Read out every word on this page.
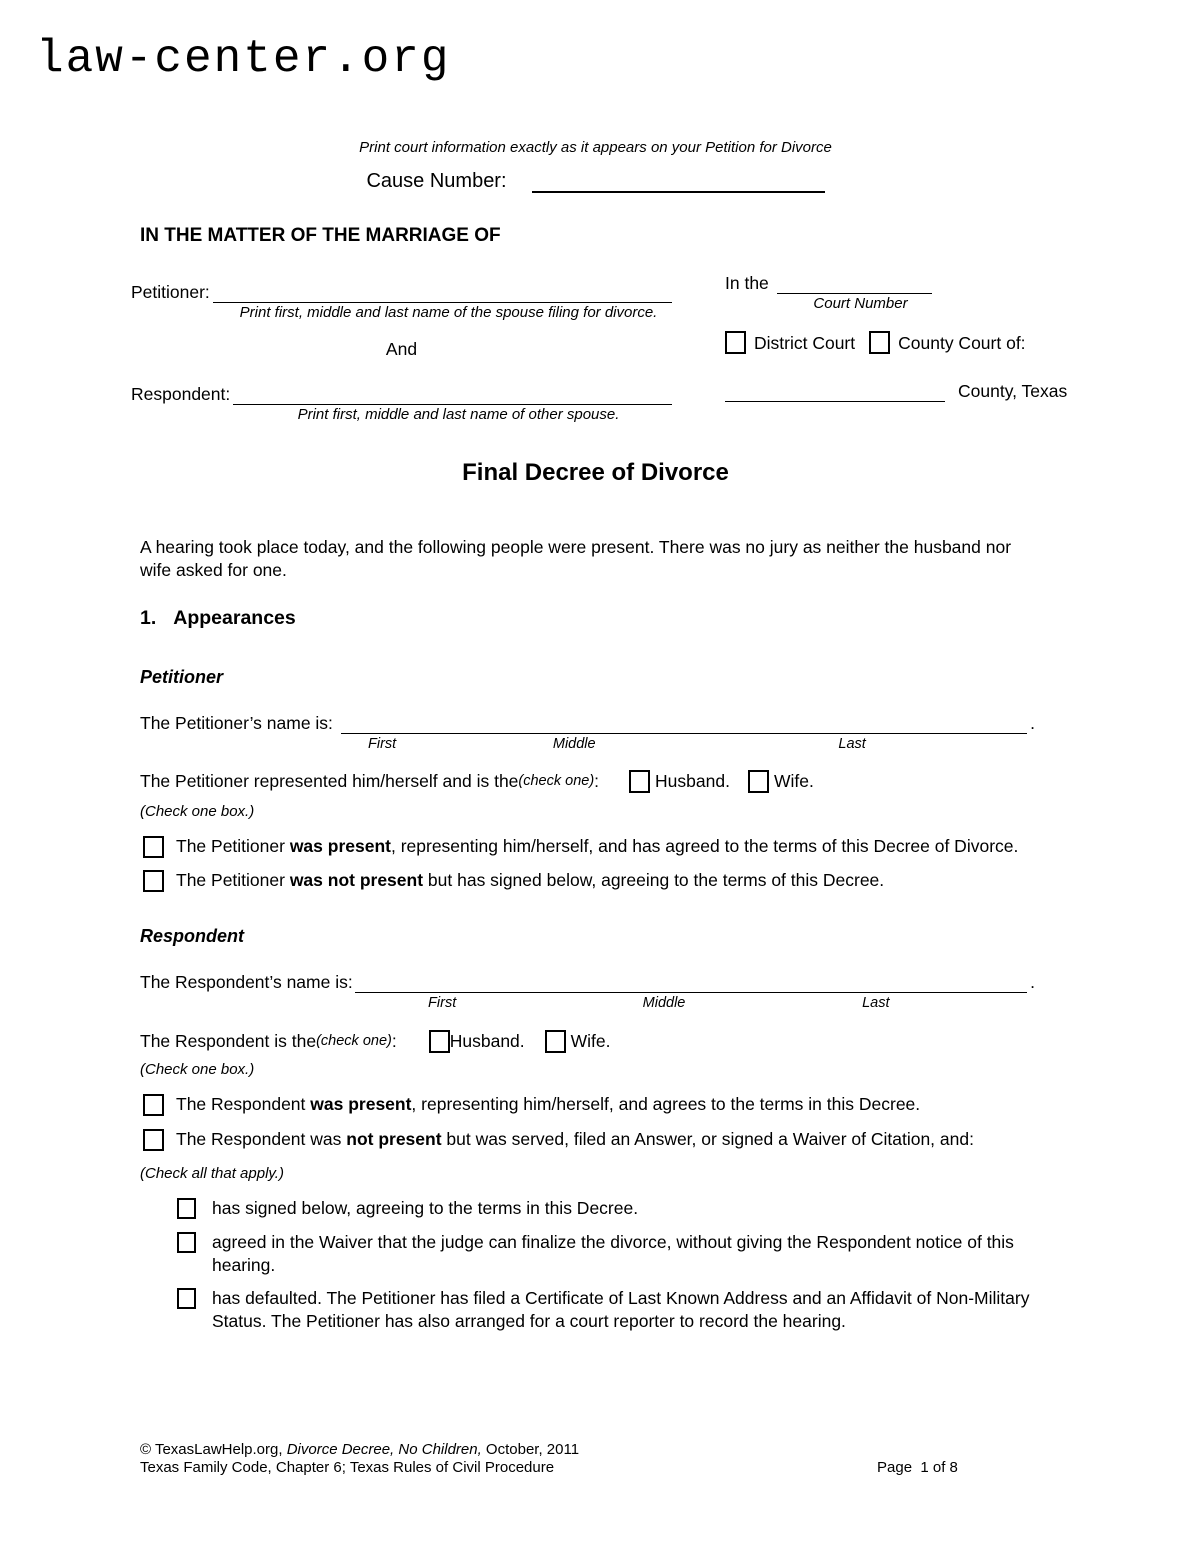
law-center.org
Print court information exactly as it appears on your Petition for Divorce
Cause Number:
IN THE MATTER OF THE MARRIAGE OF
Petitioner:
Print first, middle and last name of the spouse filing for divorce.
And
Respondent:
Print first, middle and last name of other spouse.
In the
Court Number
District Court County Court of:
County, Texas
Final Decree of Divorce
A hearing took place today, and the following people were present. There was no jury as neither the husband nor wife asked for one.
1. Appearances
Petitioner
The Petitioner’s name is:
First	Middle	Last
.
The Petitioner represented him/herself and is the (check one) :	Husband.	Wife.
(Check one box.)
The Petitioner was present, representing him/herself, and has agreed to the terms of this Decree of Divorce.
The Petitioner was not present but has signed below, agreeing to the terms of this Decree.
Respondent
The Respondent’s name is:
First	Middle	Last
.
The Respondent is the (check one) :	Husband.	Wife.
(Check one box.)
The Respondent was present, representing him/herself, and agrees to the terms in this Decree.
The Respondent was not present but was served, filed an Answer, or signed a Waiver of Citation, and:
(Check all that apply.)
has signed below, agreeing to the terms in this Decree.
agreed in the Waiver that the judge can finalize the divorce, without giving the Respondent notice of this hearing.
has defaulted. The Petitioner has filed a Certificate of Last Known Address and an Affidavit of Non-Military Status. The Petitioner has also arranged for a court reporter to record the hearing.
© TexasLawHelp.org, Divorce Decree, No Children, October, 2011
Texas Family Code, Chapter 6; Texas Rules of Civil Procedure	Page  1 of 8
